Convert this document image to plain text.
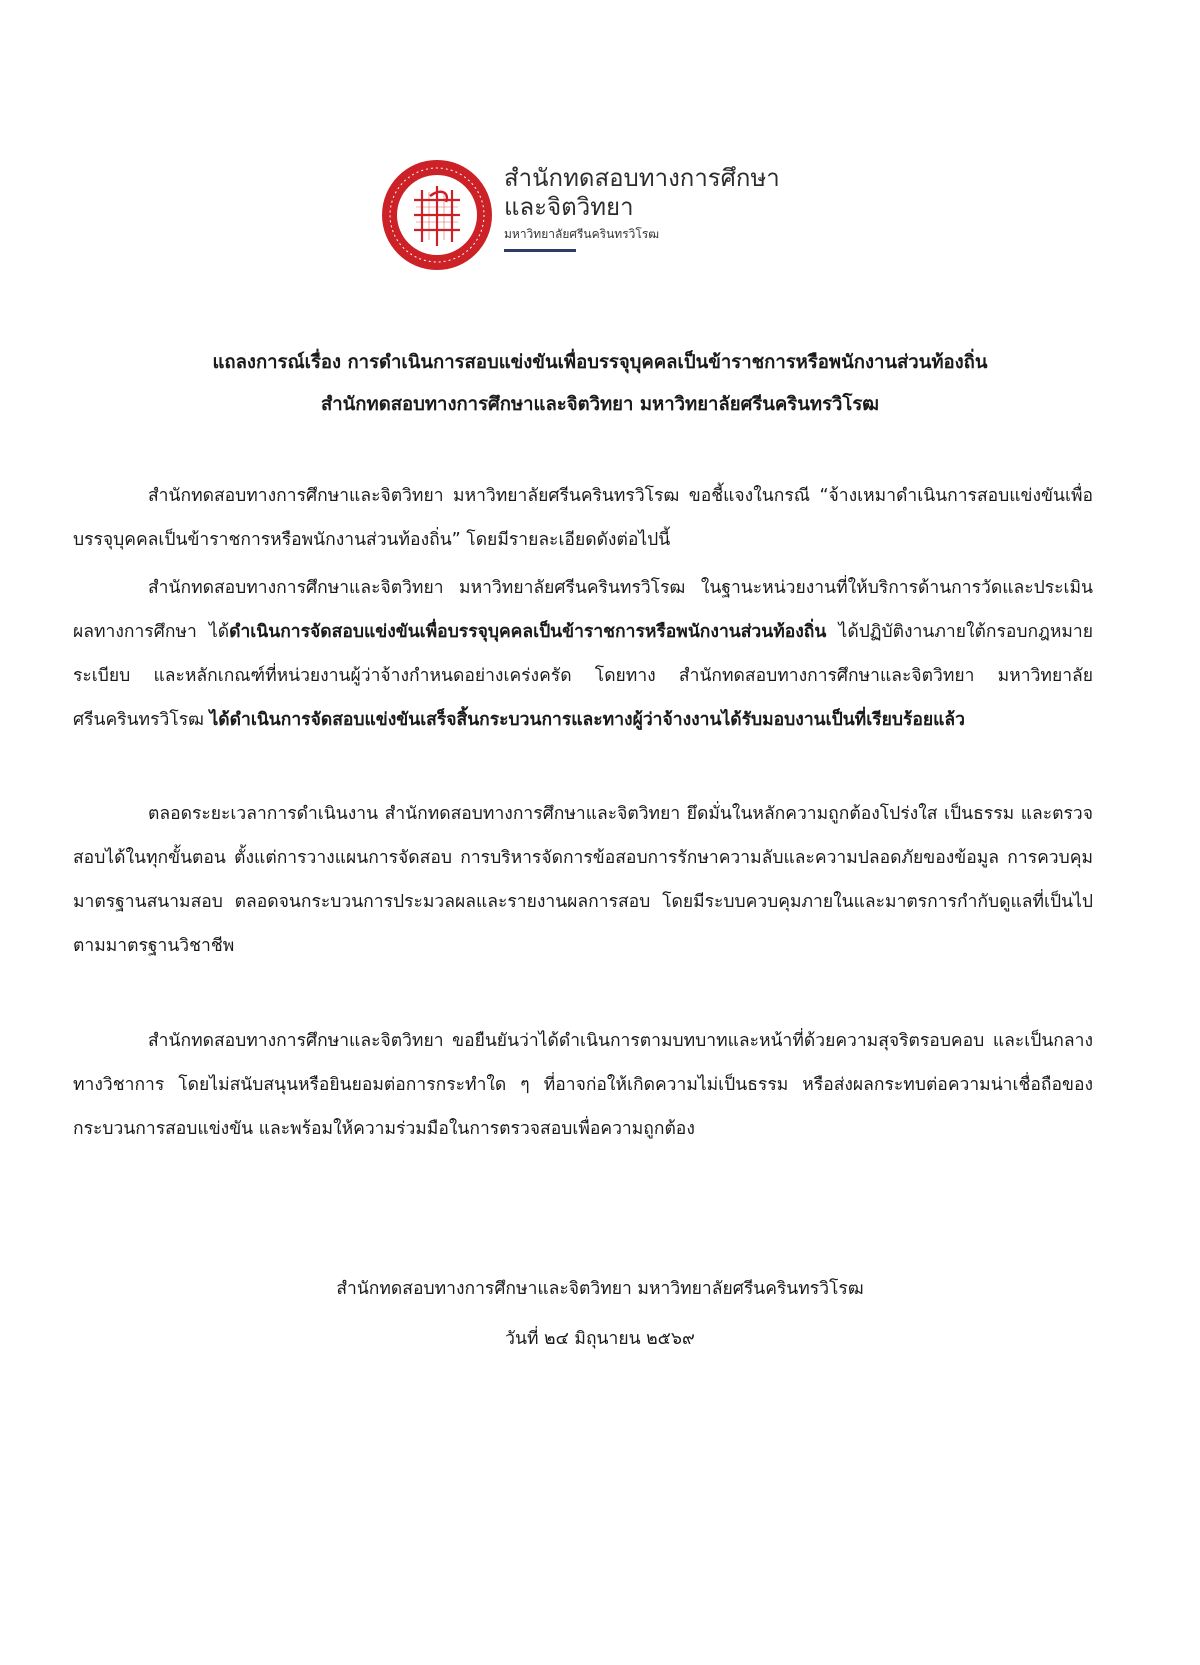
สำนักทดสอบทางการศึกษา
และจิตวิทยา
มหาวิทยาลัยศรีนครินทรวิโรฒ
แถลงการณ์เรื่อง การดำเนินการสอบแข่งขันเพื่อบรรจุบุคคลเป็นข้าราชการหรือพนักงานส่วนท้องถิ่น
สำนักทดสอบทางการศึกษาและจิตวิทยา มหาวิทยาลัยศรีนครินทรวิโรฒ
สำนักทดสอบทางการศึกษาและจิตวิทยา มหาวิทยาลัยศรีนครินทรวิโรฒ ขอชี้แจงในกรณี “จ้างเหมาดำเนินการสอบแข่งขันเพื่อบรรจุบุคคลเป็นข้าราชการหรือพนักงานส่วนท้องถิ่น” โดยมีรายละเอียดดังต่อไปนี้
สำนักทดสอบทางการศึกษาและจิตวิทยา มหาวิทยาลัยศรีนครินทรวิโรฒ ในฐานะหน่วยงานที่ให้บริการด้านการวัดและประเมินผลทางการศึกษา ได้ดำเนินการจัดสอบแข่งขันเพื่อบรรจุบุคคลเป็นข้าราชการหรือพนักงานส่วนท้องถิ่น ได้ปฏิบัติงานภายใต้กรอบกฎหมาย ระเบียบ และหลักเกณฑ์ที่หน่วยงานผู้ว่าจ้างกำหนดอย่างเคร่งครัด โดยทาง สำนักทดสอบทางการศึกษาและจิตวิทยา มหาวิทยาลัยศรีนครินทรวิโรฒ ได้ดำเนินการจัดสอบแข่งขันเสร็จสิ้นกระบวนการและทางผู้ว่าจ้างงานได้รับมอบงานเป็นที่เรียบร้อยแล้ว
ตลอดระยะเวลาการดำเนินงาน สำนักทดสอบทางการศึกษาและจิตวิทยา ยึดมั่นในหลักความถูกต้องโปร่งใส เป็นธรรม และตรวจสอบได้ในทุกขั้นตอน ตั้งแต่การวางแผนการจัดสอบ การบริหารจัดการข้อสอบการรักษาความลับและความปลอดภัยของข้อมูล การควบคุมมาตรฐานสนามสอบ ตลอดจนกระบวนการประมวลผลและรายงานผลการสอบ โดยมีระบบควบคุมภายในและมาตรการกำกับดูแลที่เป็นไปตามมาตรฐานวิชาชีพ
สำนักทดสอบทางการศึกษาและจิตวิทยา ขอยืนยันว่าได้ดำเนินการตามบทบาทและหน้าที่ด้วยความสุจริตรอบคอบ และเป็นกลางทางวิชาการ โดยไม่สนับสนุนหรือยินยอมต่อการกระทำใด ๆ ที่อาจก่อให้เกิดความไม่เป็นธรรม หรือส่งผลกระทบต่อความน่าเชื่อถือของกระบวนการสอบแข่งขัน และพร้อมให้ความร่วมมือในการตรวจสอบเพื่อความถูกต้อง
สำนักทดสอบทางการศึกษาและจิตวิทยา มหาวิทยาลัยศรีนครินทรวิโรฒ
วันที่ ๒๔ มิถุนายน ๒๕๖๙
